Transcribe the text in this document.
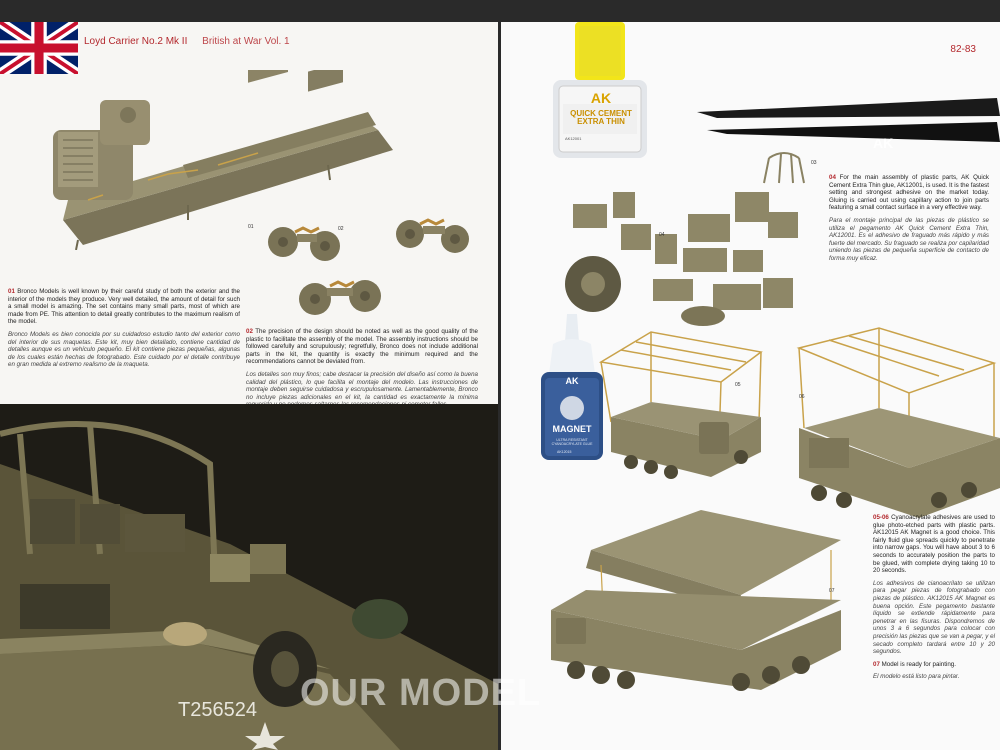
Loyd Carrier No.2 Mk II British at War Vol. 1
01	02

01 Bronco Models is well known by their careful study of both the exterior and the interior of the models they produce. Very well detailed, the amount of detail for such a small model is amazing. The set contains many small parts, most of which are made from PE. This attention to detail greatly contributes to the maximum realism of the model.

Bronco Models es bien conocida por su cuidadoso estudio tanto del exterior como del interior de sus maquetas. Este kit, muy bien detallado, contiene cantidad de detalles aunque es un vehículo pequeño. El kit contiene piezas pequeñas, algunas de los cuales están hechas de fotograbado. Este cuidado por el detalle contribuye en gran medida al extremo realismo de la maqueta.

02 The precision of the design should be noted as well as the good quality of the plastic to facilitate the assembly of the model. The assembly instructions should be followed carefully and scrupulously; regretfully, Bronco does not include additional parts in the kit, the quantity is exactly the minimum required and the recommendations cannot be deviated from.

Los detalles son muy finos; cabe destacar la precisión del diseño así como la buena calidad del plástico, lo que facilita el montaje del modelo. Las instrucciones de montaje deben seguirse cuidadosa y escrupulosamente. Lamentablemente, Bronco no incluye piezas adicionales en el kit, la cantidad es exactamente la mínima

T256524
82-83
AK
QUICK CEMENT
EXTRA THIN
AK12001	AK
03
04

04 For the main assembly of plastic parts, AK Quick Cement Extra Thin glue, AK12001, is used. It is the fastest setting and strongest adhesive on the market today. Gluing is carried out using capillary action to join parts featuring a small contact surface in a very effective way.

Para el montaje principal de las piezas de plástico se utiliza el pegamento AK Quick Cement Extra Thin, AK12001. Es el adhesivo de fraguado más rápido y más fuerte del mercado. Su fraguado se realiza por capilaridad uniendo las piezas de pequeña superficie de contacto de forma muy eficaz.

AK
MAGNET
ULTRA RESISTANT CYANOACRYLATE GLUE
AK12015
05
06
07

05-06 Cyanoacrylate adhesives are used to glue photo-etched parts with plastic parts. AK12015 AK Magnet is a good choice. This fairly fluid glue spreads quickly to penetrate into narrow gaps. You will have about 3 to 6 seconds to accurately position the parts to be glued, with complete drying taking 10 to 20 seconds.

Los adhesivos de cianoacrilato se utilizan para pegar piezas de fotograbado con piezas de plástico. AK12015 AK Magnet es buena opción. Este pegamento bastante líquido se extiende rápidamente para penetrar en las fisuras. Dispondremos de unos 3 a 6 segundos para colocar con precisión las piezas que se van a pegar, y el secado completo tardará entre 10 y 20 segundos.

07 Model is ready for painting.

El modelo está listo para pintar.

OUR MODEL
